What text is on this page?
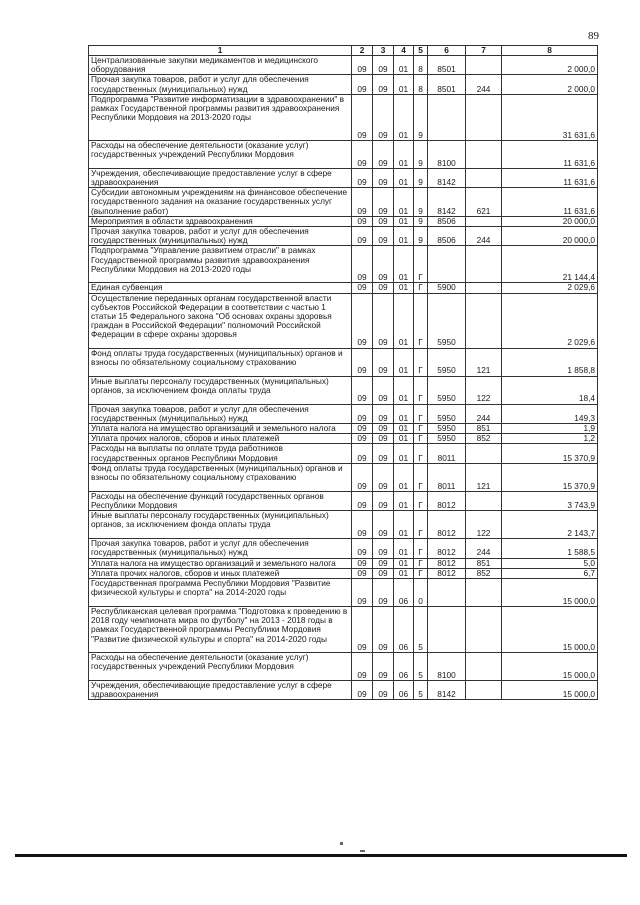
89
1	2	3	4	5	6	7	8
Централизованные закупки медикаментов и медицинского оборудования	09	09	01	8	8501		2 000,0
Прочая закупка товаров, работ и услуг для обеспечения государственных (муниципальных) нужд	09	09	01	8	8501	244	2 000,0
Подпрограмма "Развитие информатизации в здравоохранении" в рамках Государственной программы развития здравоохранения Республики Мордовия на 2013-2020 годы	09	09	01	9			31 631,6
Расходы на обеспечение деятельности (оказание услуг) государственных учреждений Республики Мордовия	09	09	01	9	8100		11 631,6
Учреждения, обеспечивающие предоставление услуг в сфере здравоохранения	09	09	01	9	8142		11 631,6
Субсидии автономным учреждениям на финансовое обеспечение государственного задания на оказание государственных услуг (выполнение работ)	09	09	01	9	8142	621	11 631,6
Мероприятия в области здравоохранения	09	09	01	9	8506		20 000,0
Прочая закупка товаров, работ и услуг для обеспечения государственных (муниципальных) нужд	09	09	01	9	8506	244	20 000,0
Подпрограмма "Управление развитием отрасли" в рамках Государственной программы развития здравоохранения Республики Мордовия на 2013-2020 годы	09	09	01	Г			21 144,4
Единая субвенция	09	09	01	Г	5900		2 029,6
Осуществление переданных органам государственной власти субъектов Российской Федерации в соответствии с частью 1 статьи 15 Федерального закона "Об основах охраны здоровья граждан в Российской Федерации" полномочий Российской Федерации в сфере охраны здоровья	09	09	01	Г	5950		2 029,6
Фонд оплаты труда государственных (муниципальных) органов и взносы по обязательному социальному страхованию	09	09	01	Г	5950	121	1 858,8
Иные выплаты персоналу государственных (муниципальных) органов, за исключением фонда оплаты труда	09	09	01	Г	5950	122	18,4
Прочая закупка товаров, работ и услуг для обеспечения государственных (муниципальных) нужд	09	09	01	Г	5950	244	149,3
Уплата налога на имущество организаций и земельного налога	09	09	01	Г	5950	851	1,9
Уплата прочих налогов, сборов и иных платежей	09	09	01	Г	5950	852	1,2
Расходы на выплаты по оплате труда работников государственных органов Республики Мордовия	09	09	01	Г	8011		15 370,9
Фонд оплаты труда государственных (муниципальных) органов и взносы по обязательному социальному страхованию	09	09	01	Г	8011	121	15 370,9
Расходы на обеспечение функций государственных органов Республики Мордовия	09	09	01	Г	8012		3 743,9
Иные выплаты персоналу государственных (муниципальных) органов, за исключением фонда оплаты труда	09	09	01	Г	8012	122	2 143,7
Прочая закупка товаров, работ и услуг для обеспечения государственных (муниципальных) нужд	09	09	01	Г	8012	244	1 588,5
Уплата налога на имущество организаций и земельного налога	09	09	01	Г	8012	851	5,0
Уплата прочих налогов, сборов и иных платежей	09	09	01	Г	8012	852	6,7
Государственная программа Республики Мордовия "Развитие физической культуры и спорта" на 2014-2020 годы	09	09	06	0			15 000,0
Республиканская целевая программа "Подготовка к проведению в 2018 году чемпионата мира по футболу" на 2013 - 2018 годы в рамках Государственной программы Республики Мордовия "Развитие физической культуры и спорта" на 2014-2020 годы	09	09	06	5			15 000,0
Расходы на обеспечение деятельности (оказание услуг) государственных учреждений Республики Мордовия	09	09	06	5	8100		15 000,0
Учреждения, обеспечивающие предоставление услуг в сфере здравоохранения	09	09	06	5	8142		15 000,0
